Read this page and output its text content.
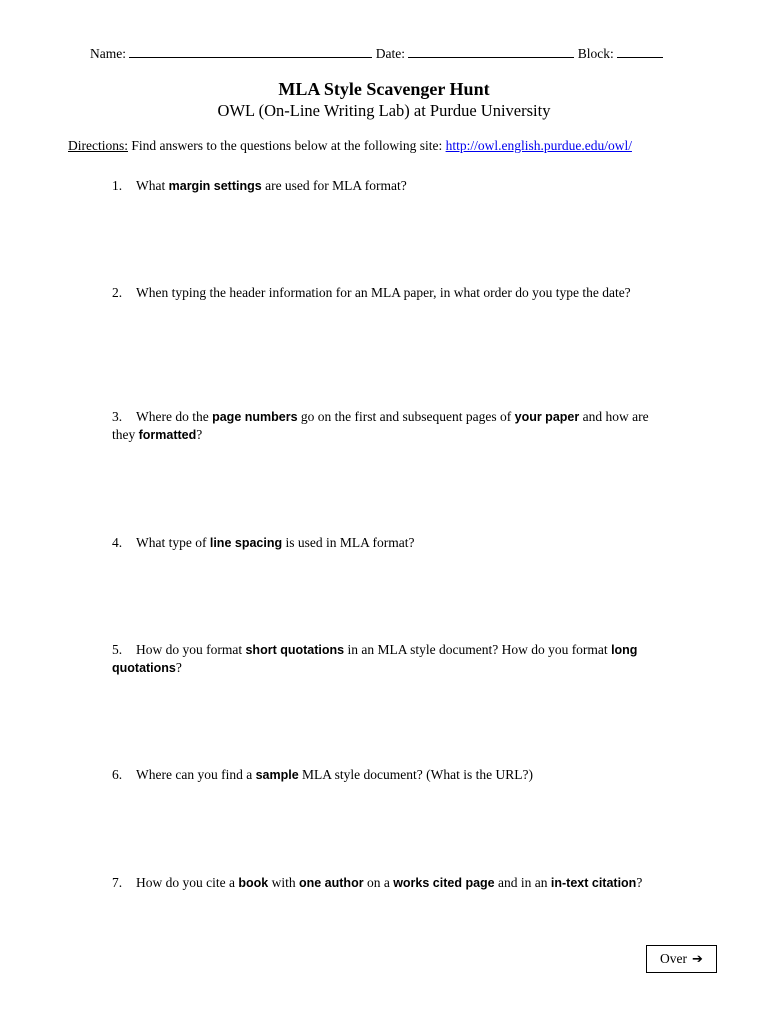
Name:	Date:	Block:
MLA Style Scavenger Hunt
OWL (On-Line Writing Lab) at Purdue University
Directions: Find answers to the questions below at the following site: http://owl.english.purdue.edu/owl/
1. What margin settings are used for MLA format?
2. When typing the header information for an MLA paper, in what order do you type the date?
3. Where do the page numbers go on the first and subsequent pages of your paper and how are they formatted?
4. What type of line spacing is used in MLA format?
5. How do you format short quotations in an MLA style document? How do you format long quotations?
6. Where can you find a sample MLA style document? (What is the URL?)
7. How do you cite a book with one author on a works cited page and in an in-text citation?
Over ➔
